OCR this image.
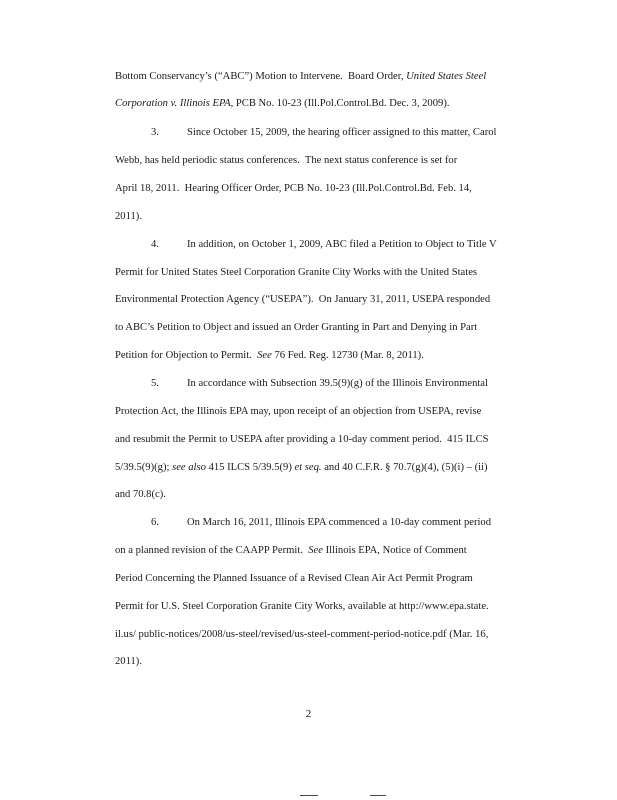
Bottom Conservancy’s (“ABC”) Motion to Intervene.  Board Order, United States Steel
Corporation v. Illinois EPA, PCB No. 10-23 (Ill.Pol.Control.Bd. Dec. 3, 2009).
3.	Since October 15, 2009, the hearing officer assigned to this matter, Carol
Webb, has held periodic status conferences.  The next status conference is set for
April 18, 2011.  Hearing Officer Order, PCB No. 10-23 (Ill.Pol.Control.Bd. Feb. 14,
2011).
4.	In addition, on October 1, 2009, ABC filed a Petition to Object to Title V
Permit for United States Steel Corporation Granite City Works with the United States
Environmental Protection Agency (“USEPA”).  On January 31, 2011, USEPA responded
to ABC’s Petition to Object and issued an Order Granting in Part and Denying in Part
Petition for Objection to Permit.  See 76 Fed. Reg. 12730 (Mar. 8, 2011).
5.	In accordance with Subsection 39.5(9)(g) of the Illinois Environmental
Protection Act, the Illinois EPA may, upon receipt of an objection from USEPA, revise
and resubmit the Permit to USEPA after providing a 10-day comment period.  415 ILCS
5/39.5(9)(g); see also 415 ILCS 5/39.5(9) et seq. and 40 C.F.R. § 70.7(g)(4), (5)(i) – (ii)
and 70.8(c).
6.	On March 16, 2011, Illinois EPA commenced a 10-day comment period
on a planned revision of the CAAPP Permit.  See Illinois EPA, Notice of Comment
Period Concerning the Planned Issuance of a Revised Clean Air Act Permit Program
Permit for U.S. Steel Corporation Granite City Works, available at http://www.epa.state.
il.us/ public-notices/2008/us-steel/revised/us-steel-comment-period-notice.pdf (Mar. 16,
2011).
2
